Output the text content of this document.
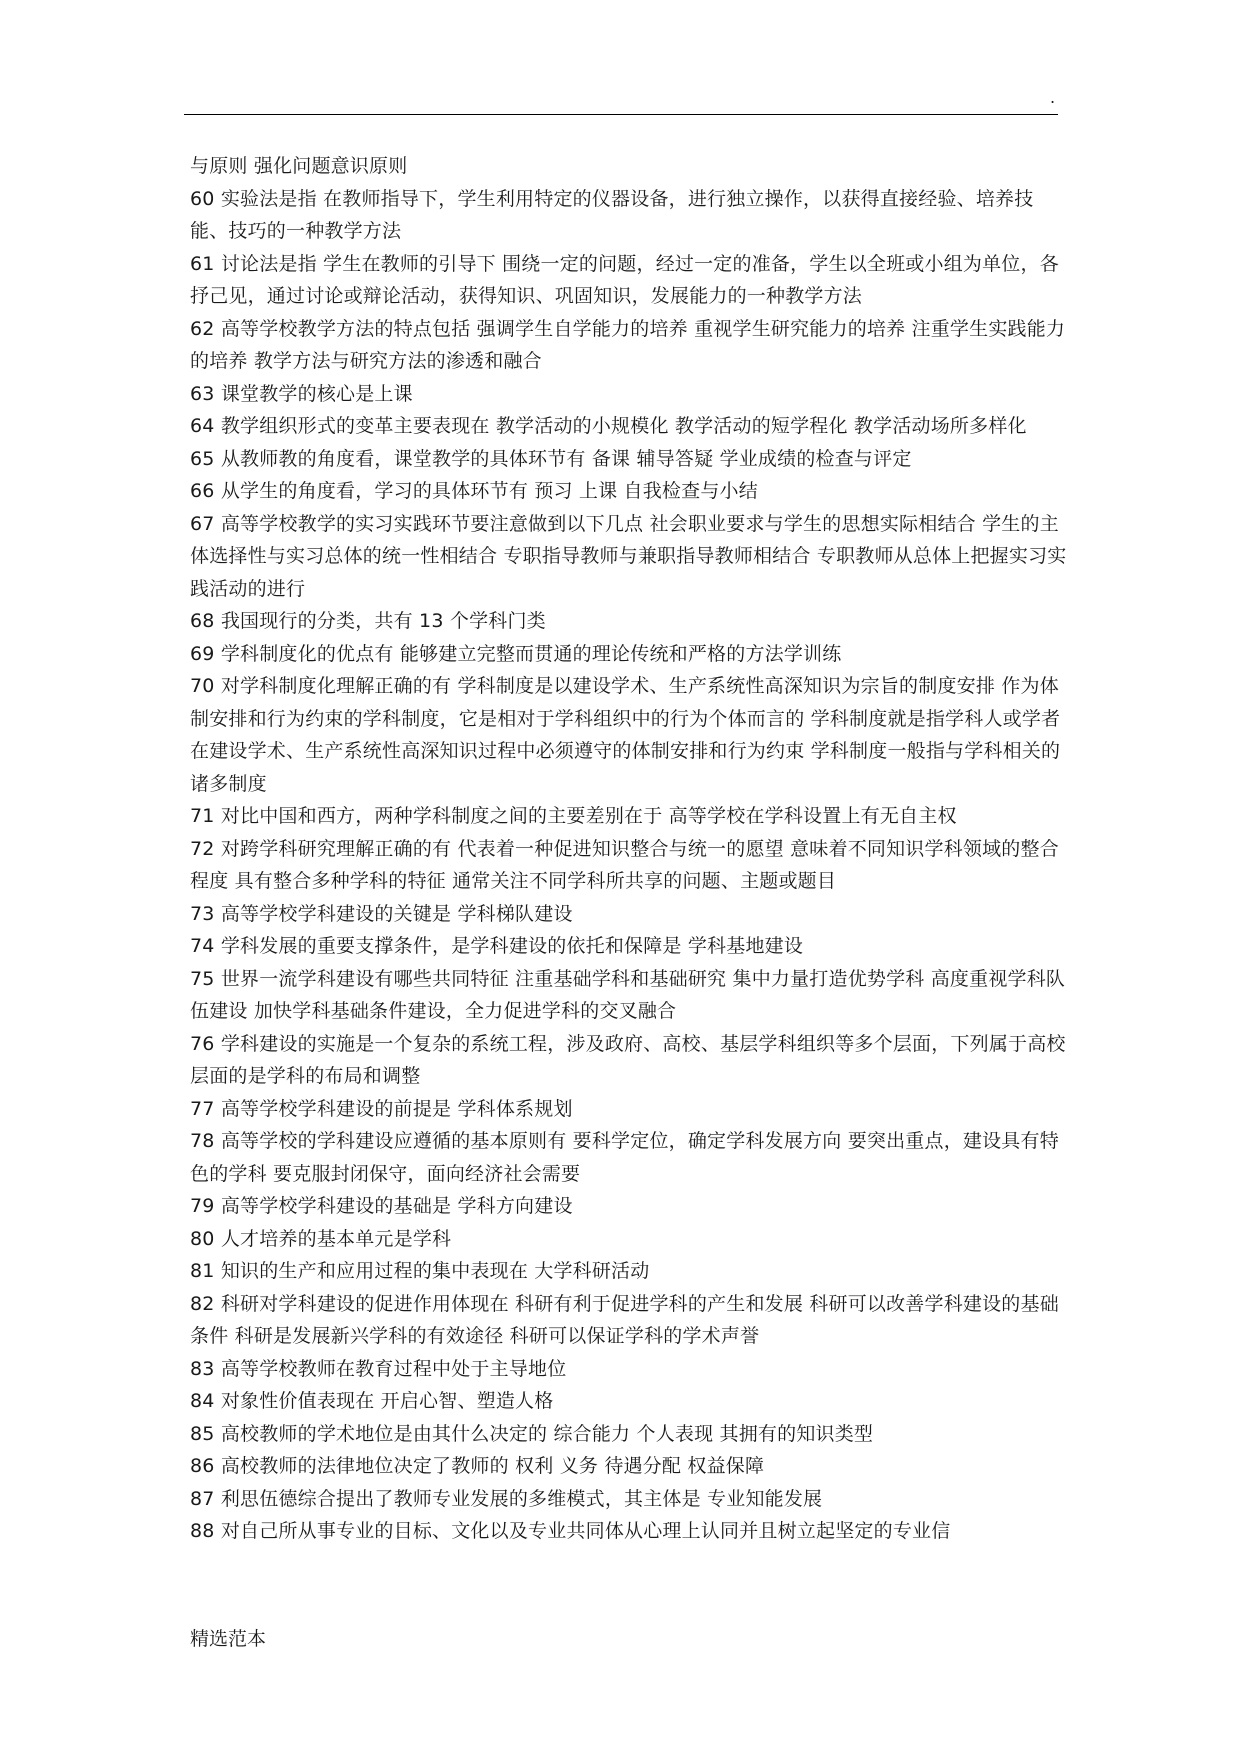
.

与原则 强化问题意识原则

60 实验法是指 在教师指导下，学生利用特定的仪器设备，进行独立操作，以获得直接经验、培养技能、技巧的一种教学方法

61 讨论法是指 学生在教师的引导下 围绕一定的问题，经过一定的准备，学生以全班或小组为单位，各抒己见，通过讨论或辩论活动，获得知识、巩固知识，发展能力的一种教学方法

62 高等学校教学方法的特点包括 强调学生自学能力的培养 重视学生研究能力的培养 注重学生实践能力的培养 教学方法与研究方法的渗透和融合

63 课堂教学的核心是上课

64 教学组织形式的变革主要表现在 教学活动的小规模化 教学活动的短学程化 教学活动场所多样化

65 从教师教的角度看，课堂教学的具体环节有 备课 辅导答疑 学业成绩的检查与评定

66 从学生的角度看，学习的具体环节有 预习 上课 自我检查与小结

67 高等学校教学的实习实践环节要注意做到以下几点 社会职业要求与学生的思想实际相结合 学生的主体选择性与实习总体的统一性相结合 专职指导教师与兼职指导教师相结合 专职教师从总体上把握实习实践活动的进行

68 我国现行的分类，共有 13 个学科门类

69 学科制度化的优点有 能够建立完整而贯通的理论传统和严格的方法学训练

70 对学科制度化理解正确的有 学科制度是以建设学术、生产系统性高深知识为宗旨的制度安排 作为体制安排和行为约束的学科制度，它是相对于学科组织中的行为个体而言的 学科制度就是指学科人或学者在建设学术、生产系统性高深知识过程中必须遵守的体制安排和行为约束 学科制度一般指与学科相关的诸多制度

71 对比中国和西方，两种学科制度之间的主要差别在于 高等学校在学科设置上有无自主权

72 对跨学科研究理解正确的有 代表着一种促进知识整合与统一的愿望 意味着不同知识学科领域的整合程度 具有整合多种学科的特征 通常关注不同学科所共享的问题、主题或题目

73 高等学校学科建设的关键是 学科梯队建设

74 学科发展的重要支撑条件，是学科建设的依托和保障是 学科基地建设

75 世界一流学科建设有哪些共同特征 注重基础学科和基础研究 集中力量打造优势学科 高度重视学科队伍建设 加快学科基础条件建设，全力促进学科的交叉融合

76 学科建设的实施是一个复杂的系统工程，涉及政府、高校、基层学科组织等多个层面，下列属于高校层面的是学科的布局和调整

77 高等学校学科建设的前提是 学科体系规划

78 高等学校的学科建设应遵循的基本原则有 要科学定位，确定学科发展方向 要突出重点，建设具有特色的学科 要克服封闭保守，面向经济社会需要

79 高等学校学科建设的基础是 学科方向建设

80 人才培养的基本单元是学科

81 知识的生产和应用过程的集中表现在 大学科研活动

82 科研对学科建设的促进作用体现在 科研有利于促进学科的产生和发展 科研可以改善学科建设的基础条件 科研是发展新兴学科的有效途径 科研可以保证学科的学术声誉

83 高等学校教师在教育过程中处于主导地位

84 对象性价值表现在 开启心智、塑造人格

85 高校教师的学术地位是由其什么决定的 综合能力 个人表现 其拥有的知识类型

86 高校教师的法律地位决定了教师的 权利 义务 待遇分配 权益保障

87 利思伍德综合提出了教师专业发展的多维模式，其主体是 专业知能发展

88 对自己所从事专业的目标、文化以及专业共同体从心理上认同并且树立起坚定的专业信

精选范本
